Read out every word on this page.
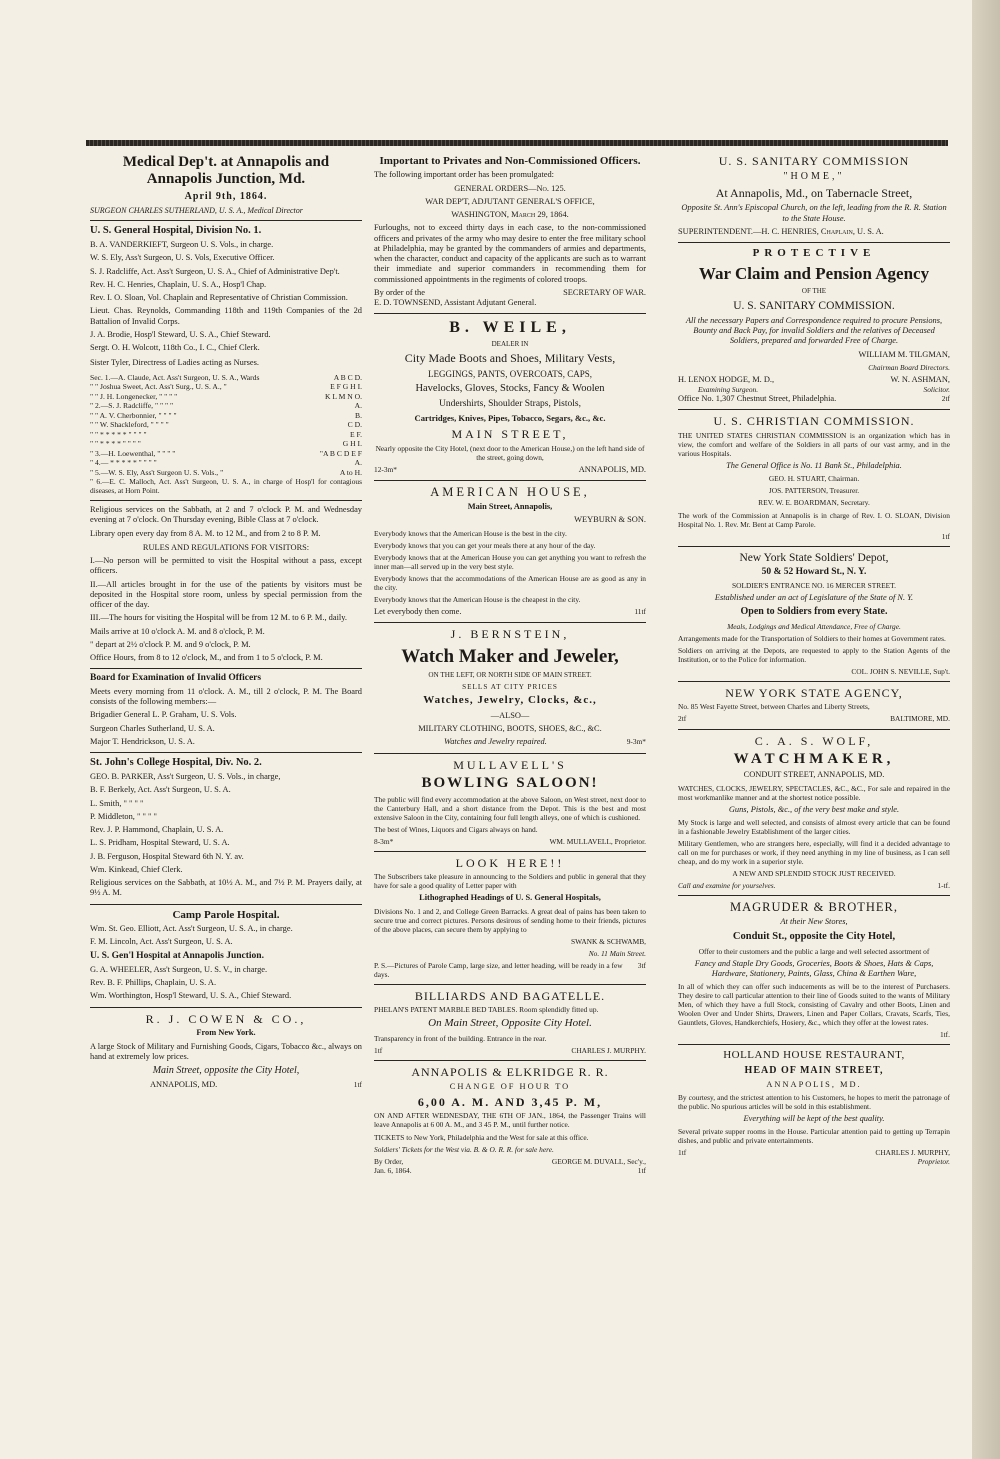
Medical Dep't. at Annapolis and Annapolis Junction, Md.

April 9th, 1864.

SURGEON CHARLES SUTHERLAND, U. S. A., Medical Director

U. S. General Hospital, Division No. 1.

B. A. VANDERKIEFT, Surgeon U. S. Vols., in charge.

W. S. Ely, Ass't Surgeon, U. S. Vols, Executive Officer.

S. J. Radcliffe, Act. Ass't Surgeon, U. S. A., Chief of Administrative Dep't.

Rev. H. C. Henries, Chaplain, U. S. A., Hosp'l Chap.

Rev. I. O. Sloan, Vol. Chaplain and Representative of Christian Commission.

Lieut. Chas. Reynolds, Commanding 118th and 119th Companies of the 2d Battalion of Invalid Corps.

J. A. Brodie, Hosp'l Steward, U. S. A., Chief Steward.

Sergt. O. H. Wolcott, 118th Co., I. C., Chief Clerk.

Sister Tyler, Directress of Ladies acting as Nurses.

Sec. 1.—A. Claude, Act. Ass't Surgeon, U. S. A., Wards	A B C D.
" " Joshua Sweet, Act. Ass't Surg., U. S. A., "	E F G H I.
" " J. H. Longenecker, " " " "	K L M N O.
" 2.—S. J. Radcliffe, " " " "	A.
" " A. V. Cherbonnier, " " " "	B.
" " W. Shackleford, " " " "	C D.
" " * * * * * " " " "	E F.
" " * * * * " " " "	G H I.
" 3.—H. Loewenthal, " " " "	"A B C D E F
" 4.— * * * * * " " " "	A.
" 5.—W. S. Ely, Ass't Surgeon U. S. Vols., "	A to H.

" 6.—E. C. Malloch, Act. Ass't Surgeon, U. S. A., in charge of Hosp'l for contagious diseases, at Horn Point.

Religious services on the Sabbath, at 2 and 7 o'clock P. M. and Wednesday evening at 7 o'clock. On Thursday evening, Bible Class at 7 o'clock.

Library open every day from 8 A. M. to 12 M., and from 2 to 8 P. M.

RULES AND REGULATIONS FOR VISITORS:

I.—No person will be permitted to visit the Hospital without a pass, except officers.

II.—All articles brought in for the use of the patients by visitors must be deposited in the Hospital store room, unless by special permission from the officer of the day.

III.—The hours for visiting the Hospital will be from 12 M. to 6 P. M., daily.

Mails arrive at 10 o'clock A. M. and 8 o'clock, P. M.

" depart at 2½ o'clock P. M. and 9 o'clock, P. M.

Office Hours, from 8 to 12 o'clock, M., and from 1 to 5 o'clock, P. M.

Board for Examination of Invalid Officers

Meets every morning from 11 o'clock. A. M., till 2 o'clock, P. M. The Board consists of the following members:—

Brigadier General L. P. Graham, U. S. Vols.

Surgeon Charles Sutherland, U. S. A.

Major T. Hendrickson, U. S. A.

St. John's College Hospital, Div. No. 2.

GEO. B. PARKER, Ass't Surgeon, U. S. Vols., in charge,

B. F. Berkely, Act. Ass't Surgeon, U. S. A.

L. Smith, " " " "

P. Middleton, " " " "

Rev. J. P. Hammond, Chaplain, U. S. A.

L. S. Pridham, Hospital Steward, U. S. A.

J. B. Ferguson, Hospital Steward 6th N. Y. av.

Wm. Kinkead, Chief Clerk.

Religious services on the Sabbath, at 10½ A. M., and 7½ P. M. Prayers daily, at 9½ A. M.

Camp Parole Hospital.

Wm. St. Geo. Elliott, Act. Ass't Surgeon, U. S. A., in charge.

F. M. Lincoln, Act. Ass't Surgeon, U. S. A.

U. S. Gen'l Hospital at Annapolis Junction.

G. A. WHEELER, Ass't Surgeon, U. S. V., in charge.

Rev. B. F. Phillips, Chaplain, U. S. A.

Wm. Worthington, Hosp'l Steward, U. S. A., Chief Steward.

R. J. COWEN & CO.,

From New York.

A large Stock of Military and Furnishing Goods, Cigars, Tobacco &c., always on hand at extremely low prices.

Main Street, opposite the City Hotel,

ANNAPOLIS, MD.	1tf
Important to Privates and Non-Commissioned Officers.

The following important order has been promulgated:

GENERAL ORDERS—No. 125.

WAR DEP'T, ADJUTANT GENERAL'S OFFICE,

WASHINGTON, March 29, 1864.

Furloughs, not to exceed thirty days in each case, to the non-commissioned officers and privates of the army who may desire to enter the free military school at Philadelphia, may be granted by the commanders of armies and departments, when the character, conduct and capacity of the applicants are such as to warrant their immediate and superior commanders in recommending them for commissioned appointments in the regiments of colored troops.

By order of the	SECRETARY OF WAR.

E. D. TOWNSEND, Assistant Adjutant General.

B. WEILE,

DEALER IN

City Made Boots and Shoes, Military Vests,

LEGGINGS, PANTS, OVERCOATS, CAPS,

Havelocks, Gloves, Stocks, Fancy & Woolen

Undershirts, Shoulder Straps, Pistols,

Cartridges, Knives, Pipes, Tobacco, Segars, &c., &c.

MAIN STREET,

Nearly opposite the City Hotel, (next door to the American House,) on the left hand side of the street, going down,

12-3m*	ANNAPOLIS, MD.
AMERICAN HOUSE,

Main Street, Annapolis,

WEYBURN & SON.

Everybody knows that the American House is the best in the city.

Everybody knows that you can get your meals there at any hour of the day.

Everybody knows that at the American House you can get anything you want to refresh the inner man—all served up in the very best style.

Everybody knows that the accommodations of the American House are as good as any in the city.

Everybody knows that the American House is the cheapest in the city.

Let everybody then come.	11tf
J. BERNSTEIN,
Watch Maker and Jeweler,

ON THE LEFT, OR NORTH SIDE OF MAIN STREET.

SELLS AT CITY PRICES

Watches, Jewelry, Clocks, &c.,

—ALSO—

MILITARY CLOTHING, BOOTS, SHOES, &C., &C.

Watches and Jewelry repaired.	9-3m*
MULLAVELL'S
BOWLING SALOON!

The public will find every accommodation at the above Saloon, on West street, next door to the Canterbury Hall, and a short distance from the Depot. This is the best and most extensive Saloon in the City, containing four full length alleys, one of which is cushioned.

The best of Wines, Liquors and Cigars always on hand.

8-3m*	WM. MULLAVELL, Proprietor.
LOOK HERE!!

The Subscribers take pleasure in announcing to the Soldiers and public in general that they have for sale a good quality of Letter paper with

Lithographed Headings of U. S. General Hospitals,

Divisions No. 1 and 2, and College Green Barracks. A great deal of pains has been taken to secure true and correct pictures. Persons desirous of sending home to their friends, pictures of the above places, can secure them by applying to

SWANK & SCHWAMB,

No. 11 Main Street.

P. S.—Pictures of Parole Camp, large size, and letter heading, will be ready in a few days.
3tf
BILLIARDS AND BAGATELLE.

PHELAN'S PATENT MARBLE BED TABLES. Room splendidly fitted up.

On Main Street, Opposite City Hotel.

Transparency in front of the building. Entrance in the rear.

1tf	CHARLES J. MURPHY.
ANNAPOLIS & ELKRIDGE R. R.

CHANGE OF HOUR TO

6,00 A. M. AND 3,45 P. M,

ON AND AFTER WEDNESDAY, THE 6TH OF JAN., 1864, the Passenger Trains will leave Annapolis at 6 00 A. M., and 3 45 P. M., until further notice.

TICKETS to New York, Philadelphia and the West for sale at this office.

Soldiers' Tickets for the West via. B. & O. R. R. for sale here.

By Order,	GEORGE M. DUVALL, Sec'y.,
Jan. 6, 1864.	1tf
U. S. SANITARY COMMISSION

"HOME,"

At Annapolis, Md., on Tabernacle Street,

Opposite St. Ann's Episcopal Church, on the left, leading from the R. R. Station to the State House.

SUPERINTENDENT.—H. C. HENRIES, Chaplain, U. S. A.

PROTECTIVE
War Claim and Pension Agency

OF THE

U. S. SANITARY COMMISSION.

All the necessary Papers and Correspondence required to procure Pensions, Bounty and Back Pay, for invalid Soldiers and the relatives of Deceased Soldiers, prepared and forwarded Free of Charge.

WILLIAM M. TILGMAN,

Chairman Board Directors.

H. LENOX HODGE, M. D.,	W. N. ASHMAN,
Examining Surgeon.	Solicitor.
Office No. 1,307 Chestnut Street, Philadelphia.	2tf
U. S. CHRISTIAN COMMISSION.

THE UNITED STATES CHRISTIAN COMMISSION is an organization which has in view, the comfort and welfare of the Soldiers in all parts of our vast army, and in the various Hospitals.

The General Office is No. 11 Bank St., Philadelphia.

GEO. H. STUART, Chairman.

JOS. PATTERSON, Treasurer.

REV. W. E. BOARDMAN, Secretary.

The work of the Commission at Annapolis is in charge of Rev. I. O. SLOAN, Division Hospital No. 1. Rev. Mr. Bent at Camp Parole.

1tf

New York State Soldiers' Depot,

50 & 52 Howard St., N. Y.

SOLDIER'S ENTRANCE NO. 16 MERCER STREET.

Established under an act of Legislature of the State of N. Y.

Open to Soldiers from every State.

Meals, Lodgings and Medical Attendance, Free of Charge.

Arrangements made for the Transportation of Soldiers to their homes at Government rates.

Soldiers on arriving at the Depots, are requested to apply to the Station Agents of the Institution, or to the Police for information.

COL. JOHN S. NEVILLE, Sup't.

NEW YORK STATE AGENCY,

No. 85 West Fayette Street, between Charles and Liberty Streets,

2tf	BALTIMORE, MD.
C. A. S. WOLF,
WATCHMAKER,

CONDUIT STREET, ANNAPOLIS, MD.

WATCHES, CLOCKS, JEWELRY, SPECTACLES, &C., &C., For sale and repaired in the most workmanlike manner and at the shortest notice possible.

Guns, Pistols, &c., of the very best make and style.

My Stock is large and well selected, and consists of almost every article that can be found in a fashionable Jewelry Establishment of the larger cities.

Military Gentlemen, who are strangers here, especially, will find it a decided advantage to call on me for purchases or work, if they need anything in my line of business, as I can sell cheap, and do my work in a superior style.

A NEW AND SPLENDID STOCK JUST RECEIVED.

Call and examine for yourselves.	1-tf.
MAGRUDER & BROTHER,

At their New Stores,

Conduit St., opposite the City Hotel,

Offer to their customers and the public a large and well selected assortment of

Fancy and Staple Dry Goods, Groceries, Boots & Shoes, Hats & Caps, Hardware, Stationery, Paints, Glass, China & Earthen Ware,

In all of which they can offer such inducements as will be to the interest of Purchasers. They desire to call particular attention to their line of Goods suited to the wants of Military Men, of which they have a full Stock, consisting of Cavalry and other Boots, Linen and Woolen Over and Under Shirts, Drawers, Linen and Paper Collars, Cravats, Scarfs, Ties, Gauntlets, Gloves, Handkerchiefs, Hosiery, &c., which they offer at the lowest rates.

1tf.

HOLLAND HOUSE RESTAURANT,

HEAD OF MAIN STREET,

ANNAPOLIS, MD.

By courtesy, and the strictest attention to his Customers, he hopes to merit the patronage of the public. No spurious articles will be sold in this establishment.

Everything will be kept of the best quality.

Several private supper rooms in the House. Particular attention paid to getting up Terrapin dishes, and public and private entertainments.

1tf	CHARLES J. MURPHY,

Proprietor.
